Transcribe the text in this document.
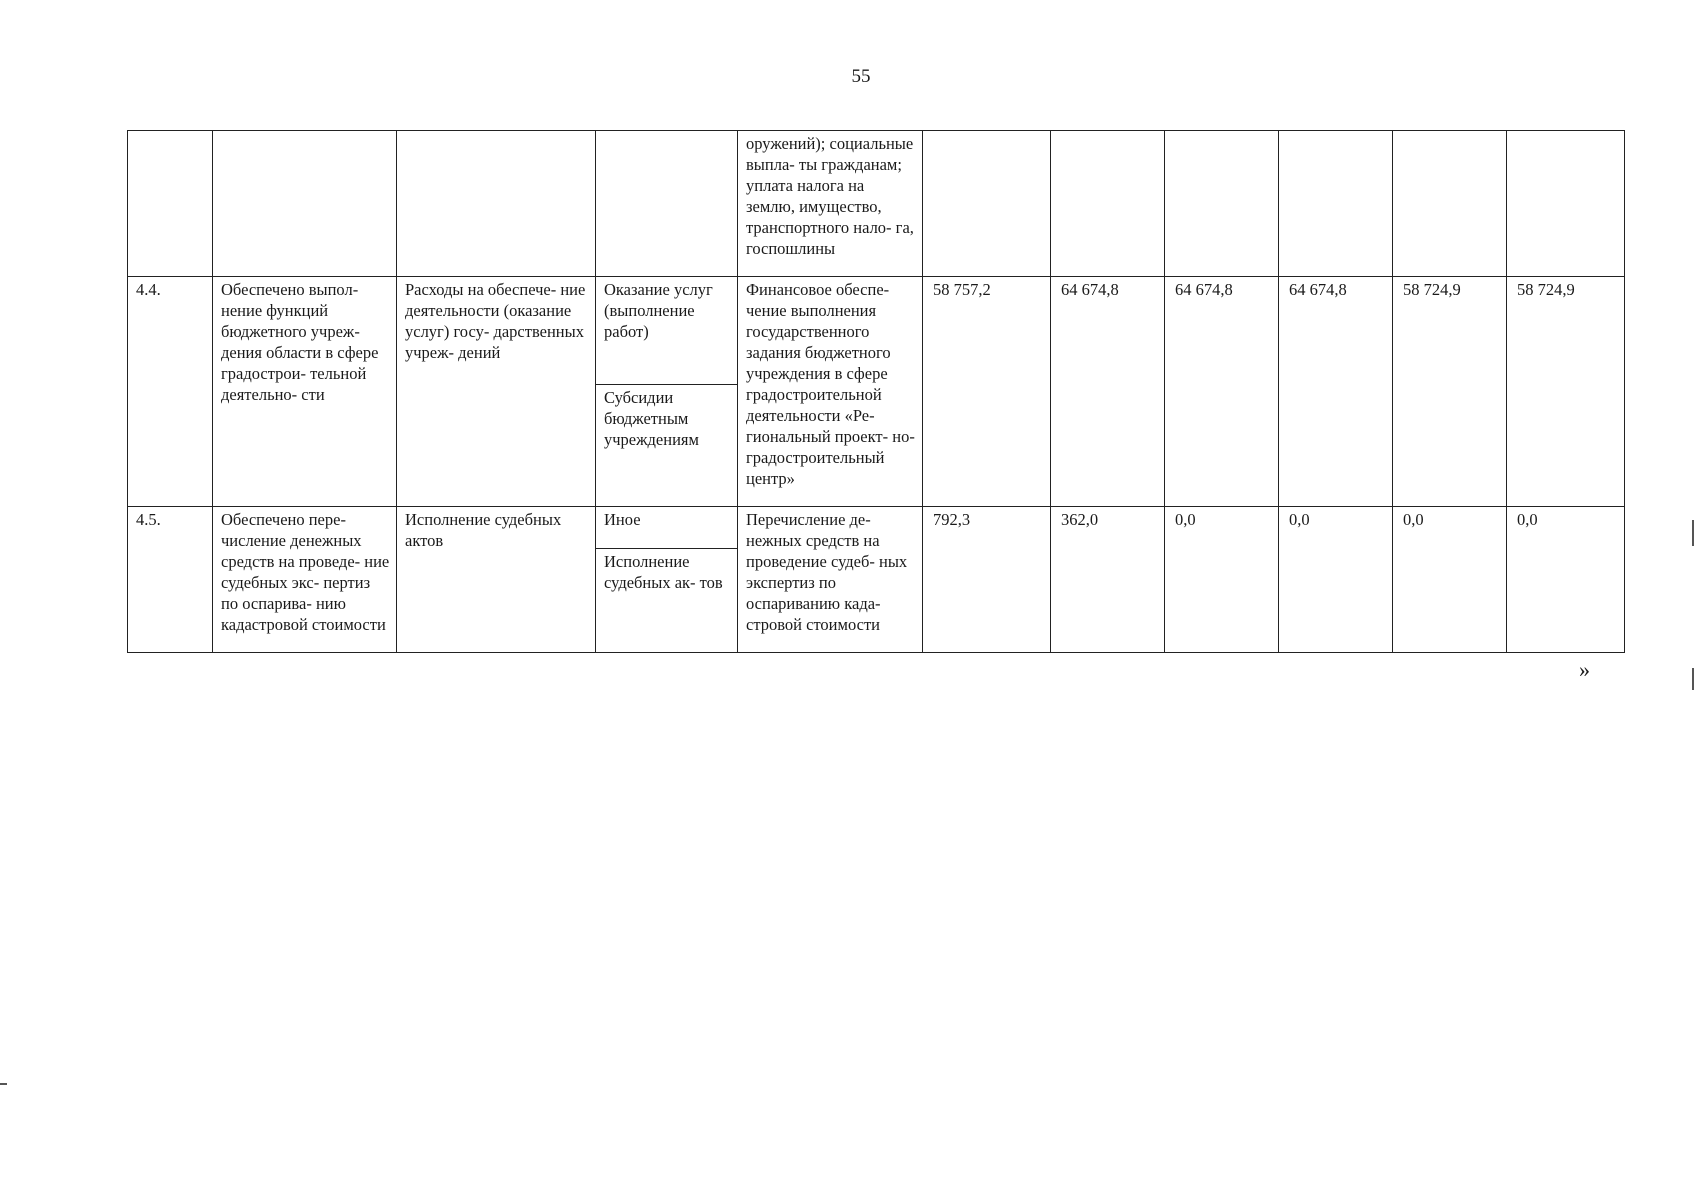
55
				оружений); социальные выпла- ты гражданам; уплата налога на землю, имущество, транспортного нало- га, госпошлины						
4.4.	Обеспечено выпол- нение функций бюджетного учреж- дения области в сфере градострои- тельной деятельно- сти	Расходы на обеспече- ние деятельности (оказание услуг) госу- дарственных учреж- дений	Оказание услуг (выполнение работ)	Финансовое обеспе- чение выполнения государственного задания бюджетного учреждения в сфере градостроительной деятельности «Ре- гиональный проект- но- градостроительный центр»	58 757,2	64 674,8	64 674,8	64 674,8	58 724,9	58 724,9
			Субсидии бюджетным учреждениям							
4.5.	Обеспечено пере- числение денежных средств на проведе- ние судебных экс- пертиз по оспарива- нию кадастровой стоимости	Исполнение судебных актов	Иное	Перечисление де- нежных средств на проведение судеб- ных экспертиз по оспариванию када- стровой стоимости	792,3	362,0	0,0	0,0	0,0	0,0
			Исполнение судебных ак- тов							
»
